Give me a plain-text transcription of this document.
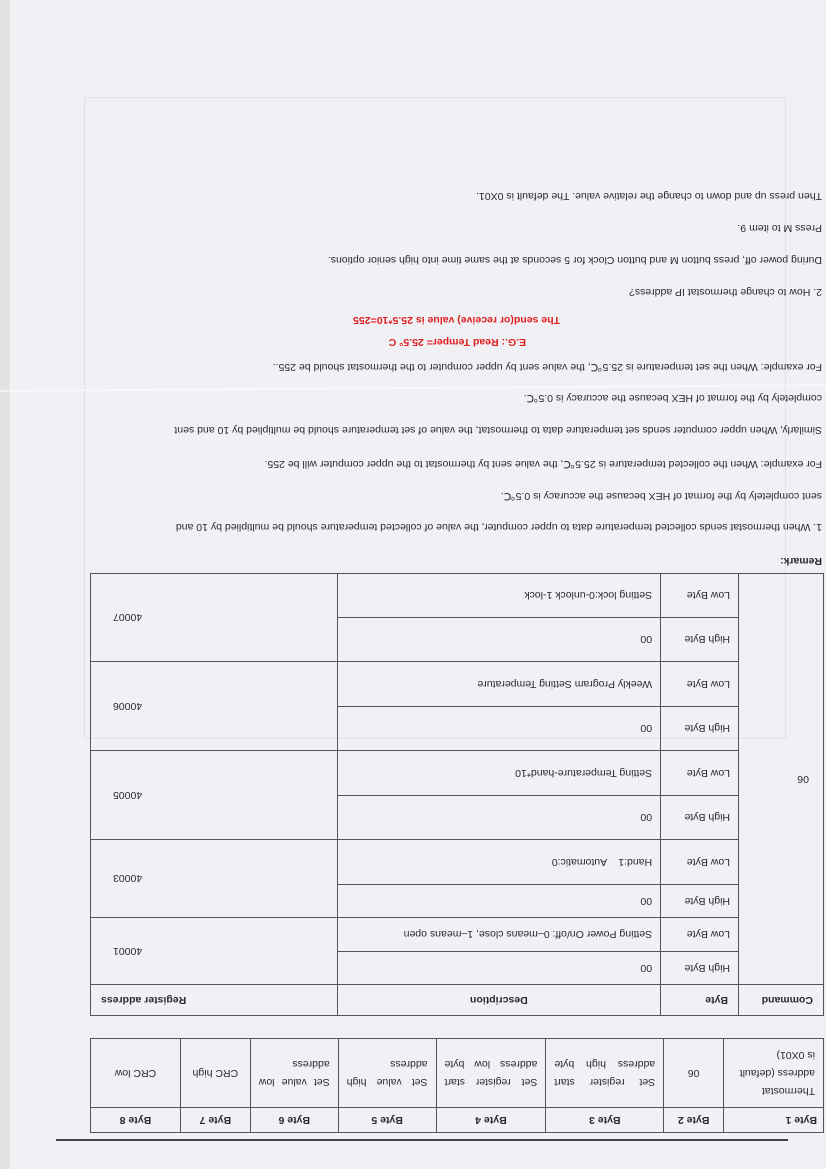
Byte 1	Byte 2	Byte 3	Byte 4	Byte 5	Byte 6	Byte 7	Byte 8
Thermostat address (default is 0X01)	06	Set register start address high byte	Set register start address low byte	Set value high address	Set value low address	CRC high	CRC low
Command	Byte	Description	Register address
06	High Byte	00	40001
	Low Byte	Setting Power On/off: 0–means close, 1–means open	
	High Byte	00	40003
	Low Byte	Hand:1    Automatic:0	
	High Byte	00	40005
	Low Byte	Setting Temperature-hand*10	
	High Byte	00	40006
	Low Byte	Weekly Program Setting Temperature	
	High Byte	00	40007
	Low Byte	Setting lock:0-unlock 1-lock	

Remark:

1. When thermostat sends collected temperature data to upper computer, the value of collected temperature should be multiplied by 10 and

sent completely by the format of HEX because the accuracy is 0.5℃.

For example: When the collected temperature is 25.5℃, the value sent by thermostat to the upper computer will be 255.

Similarly, When upper computer sends set temperature data to thermostat, the value of set temperature should be multiplied by 10 and sent

completely by the format of HEX because the accuracy is 0.5℃.

For example: When the set temperature is 25.5℃, the value sent by upper computer to the thermostat should be 255..

E.G.: Read Temper= 25.5° C

The send(or receive) value is 25.5*10=255

2. How to change thermostat IP address?

During power off, press button M and button Clock for 5 seconds at the same time into high senior options.

Press M to item 9.

Then press up and down to change the relative value. The default is 0X01.
